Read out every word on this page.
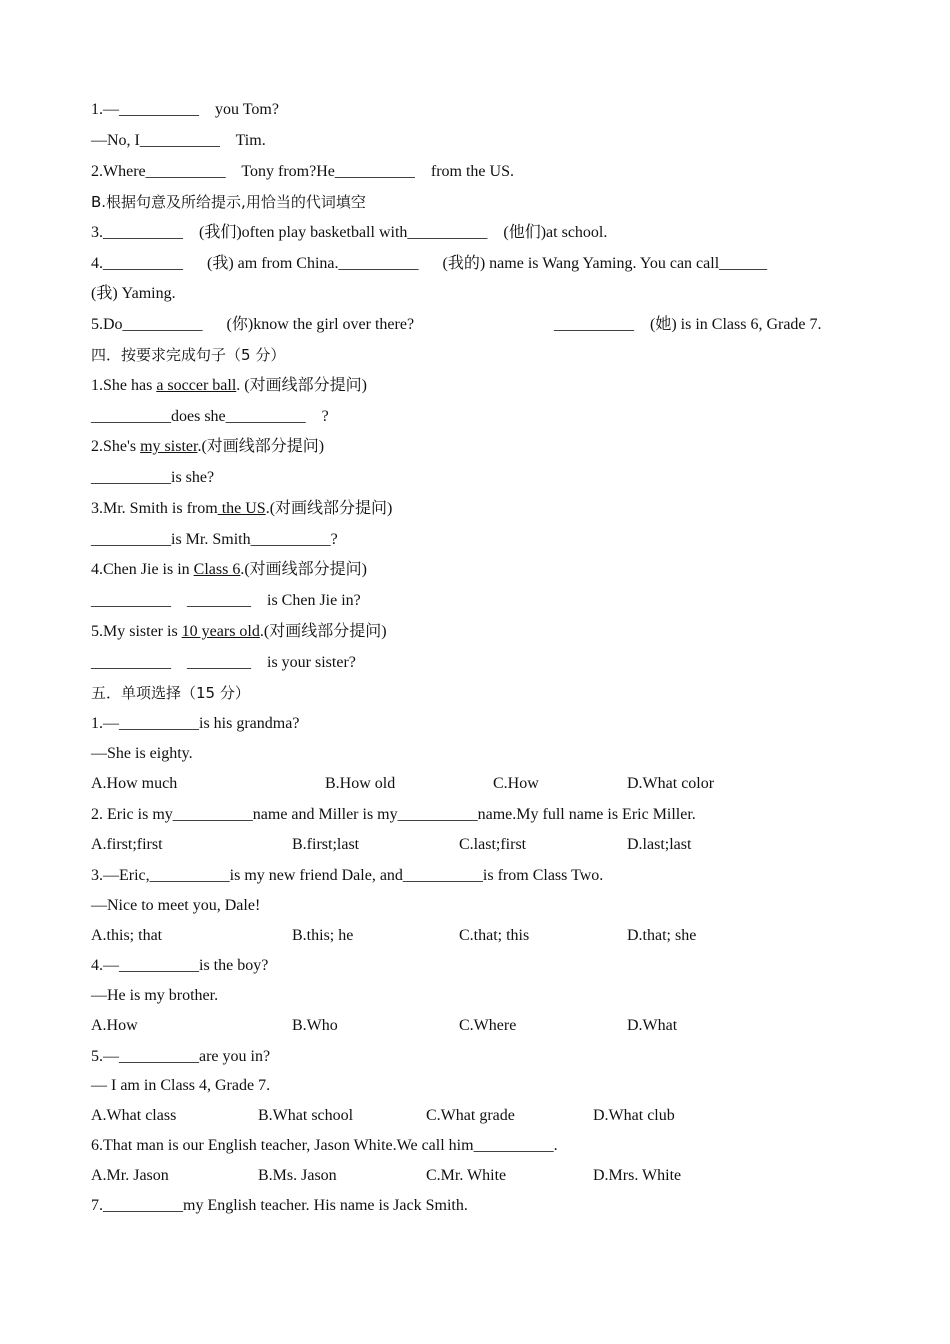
1.—__________    you Tom?
—No, I__________    Tim.
2.Where__________    Tony from?He__________    from the US.
B.根据句意及所给提示,用恰当的代词填空
3.__________    (我们)often play basketball with__________    (他们)at school.
4.__________      (我) am from China.__________      (我的) name is Wang Yaming. You can call______
(我) Yaming.

5.Do__________      (你)know the girl over there?

	__________    (她) is in Class 6, Grade 7.

四．按要求完成句子（5 分）
1.She has a soccer ball. (对画线部分提问)
__________does she__________    ?
2.She's my sister.(对画线部分提问)
__________is she?
3.Mr. Smith is from the US.(对画线部分提问)
__________is Mr. Smith__________?
4.Chen Jie is in Class 6.(对画线部分提问)
__________    ________    is Chen Jie in?
5.My sister is 10 years old.(对画线部分提问)
__________    ________    is your sister?
五．单项选择（15 分）
1.—__________is his grandma?
—She is eighty.

A.How much

	B.How old

	C.How

	D.What color

2. Eric is my__________name and Miller is my__________name.My full name is Eric Miller.

A.first;first

	B.first;last

	C.last;first

	D.last;last

3.—Eric,__________is my new friend Dale, and__________is from Class Two.
—Nice to meet you, Dale!

A.this; that

	B.this; he

	C.that; this

	D.that; she

4.—__________is the boy?
—He is my brother.

A.How

	B.Who

	C.Where

	D.What

5.—__________are you in?
— I am in Class 4, Grade 7.

A.What class

	B.What school

	C.What grade

	D.What club

6.That man is our English teacher, Jason White.We call him__________.

A.Mr. Jason

	B.Ms. Jason

	C.Mr. White

	D.Mrs. White

7.__________my English teacher. His name is Jack Smith.
